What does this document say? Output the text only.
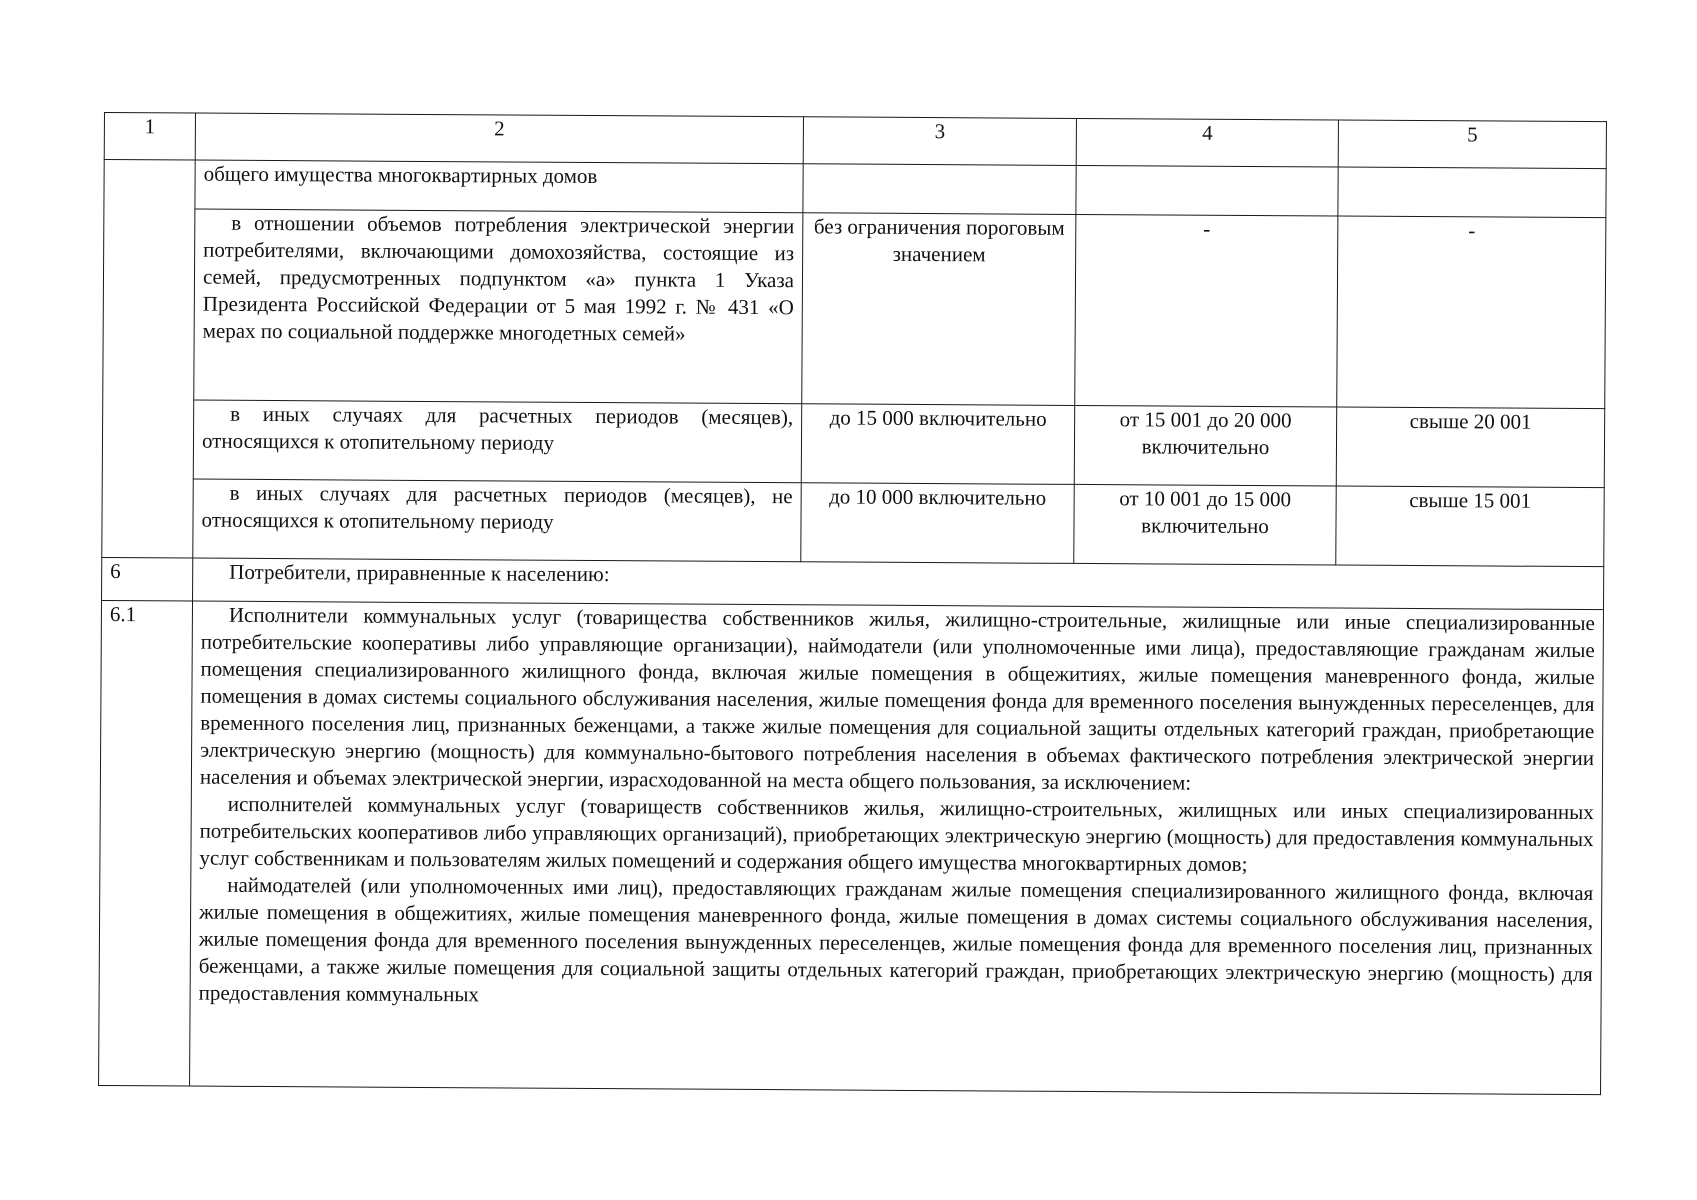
1	2	3	4	5
	общего имущества многоквартирных домов			

	в отношении объемов потребления электрической энергии потребителями, включающими домохозяйства, состоящие из семей, предусмотренных подпунктом «а» пункта 1 Указа Президента Российской Федерации от 5 мая 1992 г. № 431 «О мерах по социальной поддержке многодетных семей»	без ограничения пороговым значением	-	-

	в иных случаях для расчетных периодов (месяцев), относящихся к отопительному периоду	до 15 000 включительно	от 15 001 до 20 000 включительно	свыше 20 001

	в иных случаях для расчетных периодов (месяцев), не относящихся к отопительному периоду	до 10 000 включительно	от 10 001 до 15 000 включительно	свыше 15 001
6	Потребители, приравненные к населению:			

6.1	Исполнители коммунальных услуг (товарищества собственников жилья, жилищно-строительные, жилищные или иные специализированные потребительские кооперативы либо управляющие организации), наймодатели (или уполномоченные ими лица), предоставляющие гражданам жилые помещения специализированного жилищного фонда, включая жилые помещения в общежитиях, жилые помещения маневренного фонда, жилые помещения в домах системы социального обслуживания населения, жилые помещения фонда для временного поселения вынужденных переселенцев, для временного поселения лиц, признанных беженцами, а также жилые помещения для социальной защиты отдельных категорий граждан, приобретающие электрическую энергию (мощность) для коммунально-бытового потребления населения в объемах фактического потребления электрической энергии населения и объемах электрической энергии, израсходованной на места общего пользования, за исключением:

исполнителей коммунальных услуг (товариществ собственников жилья, жилищно-строительных, жилищных или иных специализированных потребительских кооперативов либо управляющих организаций), приобретающих электрическую энергию (мощность) для предоставления коммунальных услуг собственникам и пользователям жилых помещений и содержания общего имущества многоквартирных домов;

наймодателей (или уполномоченных ими лиц), предоставляющих гражданам жилые помещения специализированного жилищного фонда, включая жилые помещения в общежитиях, жилые помещения маневренного фонда, жилые помещения в домах системы социального обслуживания населения, жилые помещения фонда для временного поселения вынужденных переселенцев, жилые помещения фонда для временного поселения лиц, признанных беженцами, а также жилые помещения для социальной защиты отдельных категорий граждан, приобретающих электрическую энергию (мощность) для предоставления коммунальных			
